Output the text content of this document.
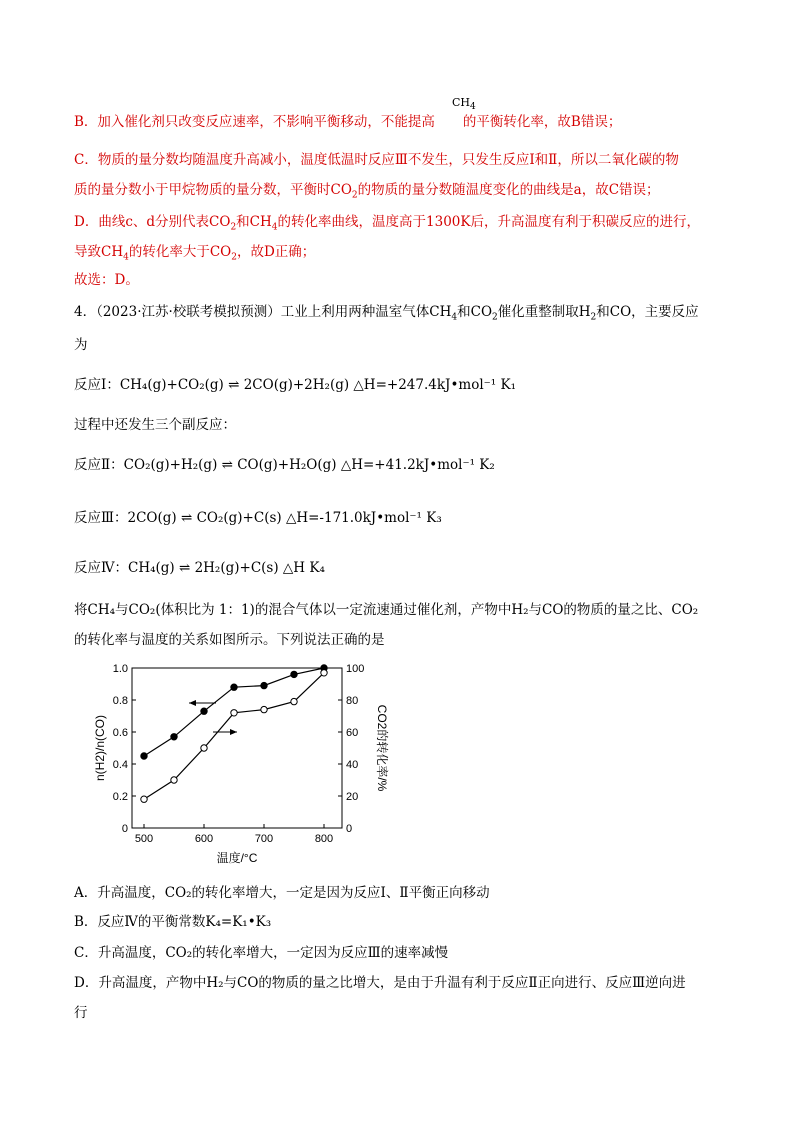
$CH_4$
B．加入催化剂只改变反应速率，不影响平衡移动，不能提高 的平衡转化率，故B错误；
C．物质的量分数均随温度升高减小，温度低温时反应Ⅲ不发生，只发生反应Ⅰ和Ⅱ，所以二氧化碳的物
质的量分数小于甲烷物质的量分数，平衡时$CO_2$的物质的量分数随温度变化的曲线是a，故C错误；
D．曲线c、d分别代表$CO_2$和$CH_4$的转化率曲线，温度高于1300K后，升高温度有利于积碳反应的进行，
导致$CH_4$的转化率大于$CO_2$，故D正确；
故选：D。
4．（2023·江苏·校联考模拟预测）工业上利用两种温室气体$CH_4$和$CO_2$催化重整制取$H_2$和CO，主要反应
为
反应Ⅰ：CH₄(g)+CO₂(g) ⇌ 2CO(g)+2H₂(g) △H=+247.4kJ•mol⁻¹ K₁
过程中还发生三个副反应：
反应Ⅱ：CO₂(g)+H₂(g) ⇌ CO(g)+H₂O(g) △H=+41.2kJ•mol⁻¹ K₂
反应Ⅲ：2CO(g) ⇌ CO₂(g)+C(s) △H=-171.0kJ•mol⁻¹ K₃
反应Ⅳ：CH₄(g) ⇌ 2H₂(g)+C(s) △H K₄
将CH₄与CO₂(体积比为 1：1)的混合气体以一定流速通过催化剂，产物中H₂与CO的物质的量之比、CO₂
的转化率与温度的关系如图所示。下列说法正确的是
500	600	700	800
0
0.2
0.4
0.6
0.8
1.0
0
20
40
60
80
100
温度/°C
n(H2)/n(CO)	CO2的转化率/%
A．升高温度，CO₂的转化率增大，一定是因为反应Ⅰ、Ⅱ平衡正向移动
B．反应Ⅳ的平衡常数K₄=K₁•K₃
C．升高温度，CO₂的转化率增大，一定因为反应Ⅲ的速率减慢
D．升高温度，产物中H₂与CO的物质的量之比增大，是由于升温有利于反应Ⅱ正向进行、反应Ⅲ逆向进
行
